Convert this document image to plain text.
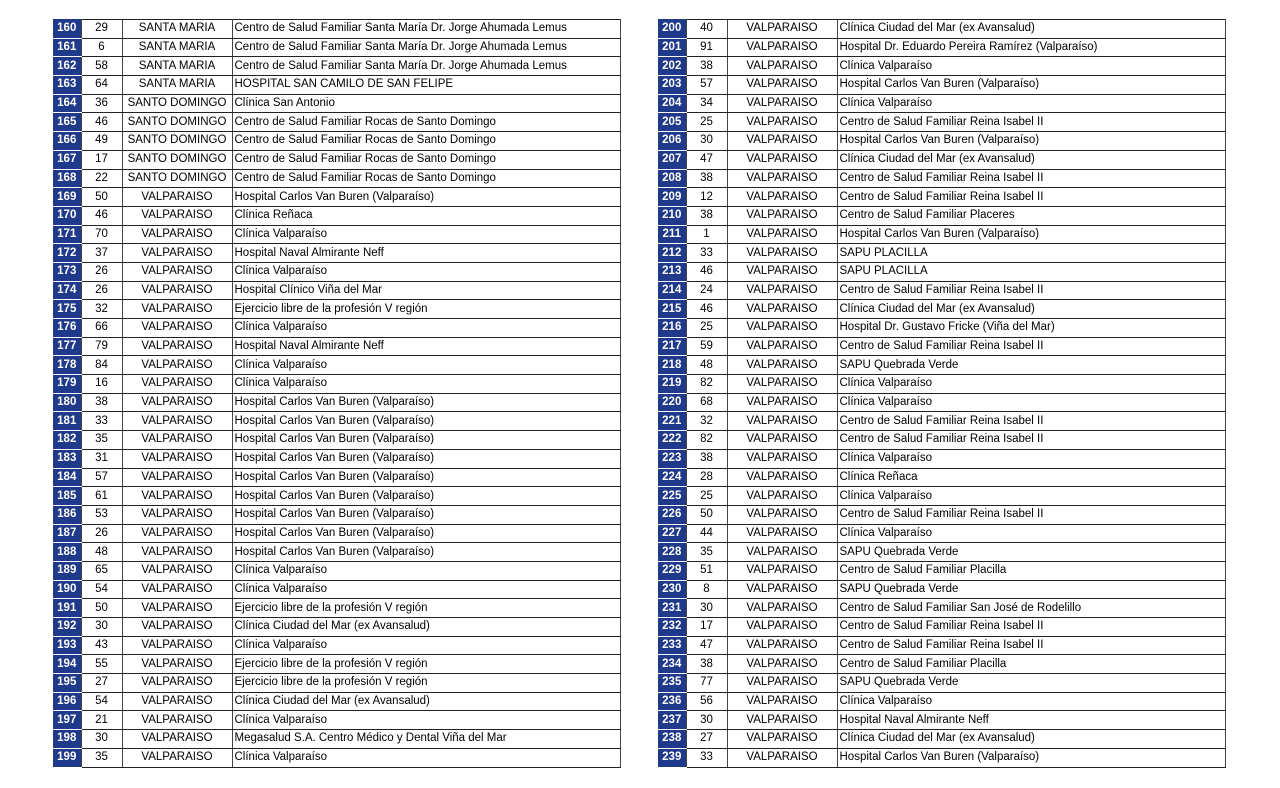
160	29	SANTA MARIA	Centro de Salud Familiar Santa María Dr. Jorge Ahumada Lemus
161	6	SANTA MARIA	Centro de Salud Familiar Santa María Dr. Jorge Ahumada Lemus
162	58	SANTA MARIA	Centro de Salud Familiar Santa María Dr. Jorge Ahumada Lemus
163	64	SANTA MARIA	HOSPITAL SAN CAMILO DE SAN FELIPE
164	36	SANTO DOMINGO	Clínica San Antonio
165	46	SANTO DOMINGO	Centro de Salud Familiar Rocas de Santo Domingo
166	49	SANTO DOMINGO	Centro de Salud Familiar Rocas de Santo Domingo
167	17	SANTO DOMINGO	Centro de Salud Familiar Rocas de Santo Domingo
168	22	SANTO DOMINGO	Centro de Salud Familiar Rocas de Santo Domingo
169	50	VALPARAISO	Hospital Carlos Van Buren (Valparaíso)
170	46	VALPARAISO	Clínica Reñaca
171	70	VALPARAISO	Clínica Valparaíso
172	37	VALPARAISO	Hospital Naval Almirante Neff
173	26	VALPARAISO	Clínica Valparaíso
174	26	VALPARAISO	Hospital Clínico Viña del Mar
175	32	VALPARAISO	Ejercicio libre de la profesión V región
176	66	VALPARAISO	Clínica Valparaíso
177	79	VALPARAISO	Hospital Naval Almirante Neff
178	84	VALPARAISO	Clínica Valparaíso
179	16	VALPARAISO	Clínica Valparaíso
180	38	VALPARAISO	Hospital Carlos Van Buren (Valparaíso)
181	33	VALPARAISO	Hospital Carlos Van Buren (Valparaíso)
182	35	VALPARAISO	Hospital Carlos Van Buren (Valparaíso)
183	31	VALPARAISO	Hospital Carlos Van Buren (Valparaíso)
184	57	VALPARAISO	Hospital Carlos Van Buren (Valparaíso)
185	61	VALPARAISO	Hospital Carlos Van Buren (Valparaíso)
186	53	VALPARAISO	Hospital Carlos Van Buren (Valparaíso)
187	26	VALPARAISO	Hospital Carlos Van Buren (Valparaíso)
188	48	VALPARAISO	Hospital Carlos Van Buren (Valparaíso)
189	65	VALPARAISO	Clínica Valparaíso
190	54	VALPARAISO	Clínica Valparaíso
191	50	VALPARAISO	Ejercicio libre de la profesión V región
192	30	VALPARAISO	Clínica Ciudad del Mar (ex Avansalud)
193	43	VALPARAISO	Clínica Valparaíso
194	55	VALPARAISO	Ejercicio libre de la profesión V región
195	27	VALPARAISO	Ejercicio libre de la profesión V región
196	54	VALPARAISO	Clínica Ciudad del Mar (ex Avansalud)
197	21	VALPARAISO	Clínica Valparaíso
198	30	VALPARAISO	Megasalud S.A. Centro Médico y Dental Viña del Mar
199	35	VALPARAISO	Clínica Valparaíso
200	40	VALPARAISO	Clínica Ciudad del Mar (ex Avansalud)
201	91	VALPARAISO	Hospital Dr. Eduardo Pereira Ramírez (Valparaíso)
202	38	VALPARAISO	Clínica Valparaíso
203	57	VALPARAISO	Hospital Carlos Van Buren (Valparaíso)
204	34	VALPARAISO	Clínica Valparaíso
205	25	VALPARAISO	Centro de Salud Familiar Reina Isabel II
206	30	VALPARAISO	Hospital Carlos Van Buren (Valparaíso)
207	47	VALPARAISO	Clínica Ciudad del Mar (ex Avansalud)
208	38	VALPARAISO	Centro de Salud Familiar Reina Isabel II
209	12	VALPARAISO	Centro de Salud Familiar Reina Isabel II
210	38	VALPARAISO	Centro de Salud Familiar Placeres
211	1	VALPARAISO	Hospital Carlos Van Buren (Valparaíso)
212	33	VALPARAISO	SAPU PLACILLA
213	46	VALPARAISO	SAPU PLACILLA
214	24	VALPARAISO	Centro de Salud Familiar Reina Isabel II
215	46	VALPARAISO	Clínica Ciudad del Mar (ex Avansalud)
216	25	VALPARAISO	Hospital Dr. Gustavo Fricke (Viña del Mar)
217	59	VALPARAISO	Centro de Salud Familiar Reina Isabel II
218	48	VALPARAISO	SAPU Quebrada Verde
219	82	VALPARAISO	Clínica Valparaíso
220	68	VALPARAISO	Clínica Valparaíso
221	32	VALPARAISO	Centro de Salud Familiar Reina Isabel II
222	82	VALPARAISO	Centro de Salud Familiar Reina Isabel II
223	38	VALPARAISO	Clínica Valparaíso
224	28	VALPARAISO	Clínica Reñaca
225	25	VALPARAISO	Clínica Valparaíso
226	50	VALPARAISO	Centro de Salud Familiar Reina Isabel II
227	44	VALPARAISO	Clínica Valparaíso
228	35	VALPARAISO	SAPU Quebrada Verde
229	51	VALPARAISO	Centro de Salud Familiar Placilla
230	8	VALPARAISO	SAPU Quebrada Verde
231	30	VALPARAISO	Centro de Salud Familiar San José de Rodelillo
232	17	VALPARAISO	Centro de Salud Familiar Reina Isabel II
233	47	VALPARAISO	Centro de Salud Familiar Reina Isabel II
234	38	VALPARAISO	Centro de Salud Familiar Placilla
235	77	VALPARAISO	SAPU Quebrada Verde
236	56	VALPARAISO	Clínica Valparaíso
237	30	VALPARAISO	Hospital Naval Almirante Neff
238	27	VALPARAISO	Clínica Ciudad del Mar (ex Avansalud)
239	33	VALPARAISO	Hospital Carlos Van Buren (Valparaíso)
